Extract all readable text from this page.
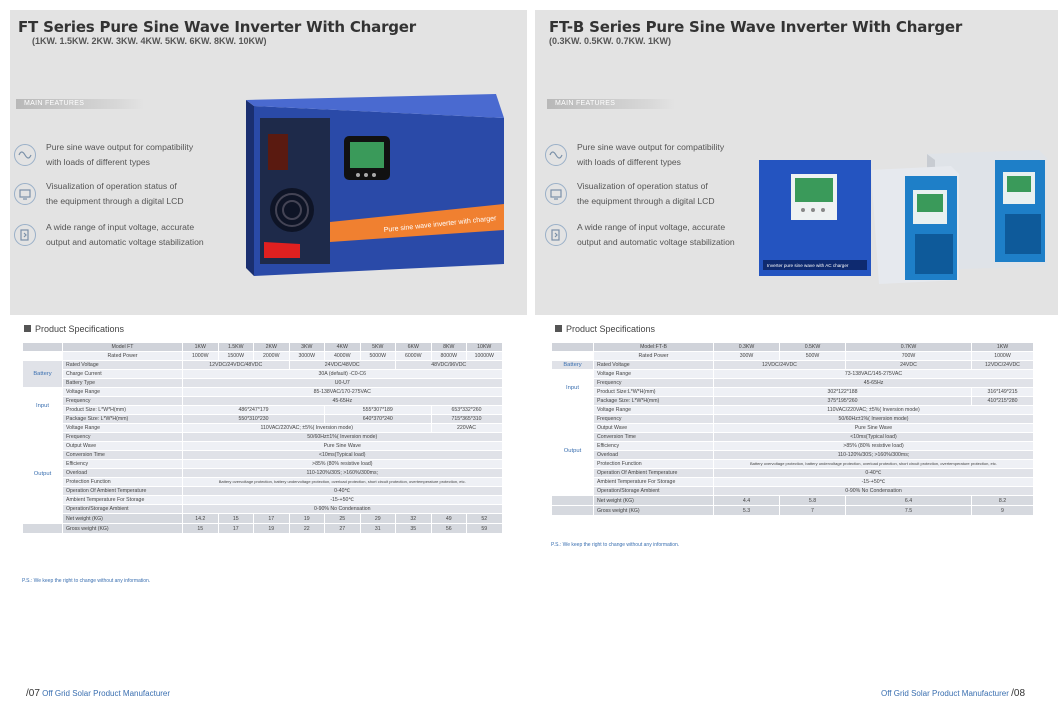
FT Series Pure Sine Wave Inverter With Charger
(1KW. 1.5KW. 2KW. 3KW. 4KW. 5KW. 6KW. 8KW. 10KW)
MAIN FEATURES
Pure sine wave output for compatibility
with loads of different types
Visualization of operation status of
the equipment through a digital LCD
A wide range of input voltage, accurate
output and automatic voltage stabilization
Pure sine wave inverter with charger
Product Specifications
	Model FT	1KW	1.5KW	2KW	3KW	4KW	5KW	6KW	8KW	10KW
	Rated Power	1000W	1500W	2000W	3000W	4000W	5000W	6000W	8000W	10000W
Battery	Rated Voltage	12VDC/24VDC/48VDC			24VDC/48VDC			48VDC/96VDC		
	Charge Current	30A (default) -C0-C6								
	Battery Type	U0-U7								
Input	Voltage Range	85-138VAC/170-275VAC								
	Frequency	45-65Hz								
	Product Size: L*W*H(mm)	486*247*179				555*307*189			653*332*260	
	Package Size: L*W*H(mm)	550*310*230				640*370*240			715*365*310	
Output	Voltage Range	110VAC/220VAC; ±5%( Inversion mode)							220VAC	
	Frequency	50/60Hz±1%( Inversion mode)								
	Output Wave	Pure Sine Wave								
	Conversion Time	<10ms(Typical load)								
	Efficiency	>85% (80% resistive load)								
	Overload	110-120%/30S; >160%/300ms;								
	Protection Function	Battery overvoltage protection, battery undervoltage protection, overload protection, short circuit protection, overtemperature protection, etc.								
	Operation Of Ambient Temperature	0-40℃								
	Ambient Temperature For Storage	-15-+50℃								
	Operation/Storage Ambient	0-90% No Condensation								
	Net weight (KG)	14.2	15	17	19	25	29	32	49	52
	Gross weight (KG)	15	17	19	22	27	31	35	56	59
P.S.: We keep the right to change without any information.
/07 Off Grid Solar Product Manufacturer
FT-B Series Pure Sine Wave Inverter With Charger
(0.3KW. 0.5KW. 0.7KW. 1KW)
MAIN FEATURES
Pure sine wave output for compatibility
with loads of different types
Visualization of operation status of
the equipment through a digital LCD
A wide range of input voltage, accurate
output and automatic voltage stabilization
Inverter pure sine wave with AC charger
Product Specifications
	Model:FT-B	0.3KW	0.5KW	0.7KW	1KW
	Rated Power	300W	500W	700W	1000W
Battery	Rated Voltage	12VDC/24VDC		24VDC	12VDC/24VDC
Input	Voltage Range	73-138VAC/145-275VAC			
	Frequency	45-65Hz			
	Product Size:L*W*H(mm)	302*122*188			316*149*215
	Package Size: L*W*H(mm)	375*195*260			410*215*280
Output	Voltage Range	110VAC/220VAC; ±5%( Inversion mode)			
	Frequency	50/60Hz±1%( Inversion mode)			
	Output Wave	Pure Sine Wave			
	Conversion Time	<10ms(Typical load)			
	Efficiency	>85% (80% resistive load)			
	Overload	110-120%/30S; >160%/300ms;			
	Protection Function	Battery overvoltage protection, battery undervoltage protection, overload protection, short circuit protection, overtemperature protection, etc.			
	Operation Of Ambient Temperature	0-40℃			
	Ambient Temperature For Storage	-15-+50℃			
	Operation/Storage Ambient	0-90% No Condensation			
	Net weight (KG)	4.4	5.8	6.4	8.2
	Gross weight (KG)	5.3	7	7.5	9
P.S.: We keep the right to change without any information.
Off Grid Solar Product Manufacturer /08
